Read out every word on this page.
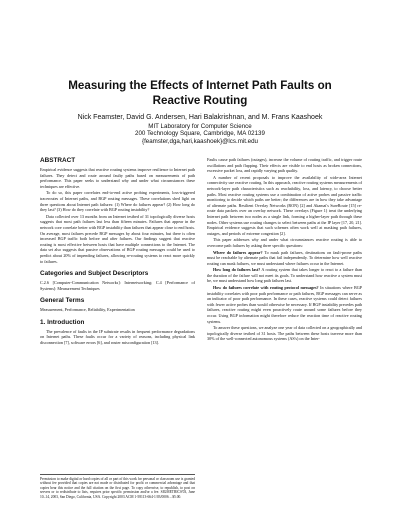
Measuring the Effects of Internet Path Faults on
Reactive Routing
Nick Feamster, David G. Andersen, Hari Balakrishnan, and M. Frans Kaashoek
MIT Laboratory for Computer Science
200 Technology Square, Cambridge, MA 02139
{feamster,dga,hari,kaashoek}@lcs.mit.edu
ABSTRACT

Empirical evidence suggests that reactive routing systems improve resilience to Internet path failures. They detect and route around faulty paths based on measurements of path performance. This paper seeks to understand why and under what circumstances these techniques are effective.

To do so, this paper correlates end-to-end active probing experiments, loss-triggered traceroutes of Internet paths, and BGP routing messages. These correlations shed light on three questions about Internet path failures: (1) Where do failures appear? (2) How long do they last? (3) How do they correlate with BGP routing instability?

Data collected over 13 months from an Internet testbed of 31 topologically diverse hosts suggests that most path failures last less than fifteen minutes. Failures that appear in the network core correlate better with BGP instability than failures that appear close to end hosts. On average, most failures precede BGP messages by about four minutes, but there is often increased BGP traffic both before and after failures. Our findings suggest that reactive routing is most effective between hosts that have multiple connections to the Internet. The data set also suggests that passive observations of BGP routing messages could be used to predict about 20% of impending failures, allowing re-routing systems to react more quickly to failures.

Categories and Subject Descriptors

C.2.6 [Computer-Communication Networks]: Internetworking; C.4 [Performance of Systems]: Measurement Techniques

General Terms

Measurement, Performance, Reliability, Experimentation

1. Introduction

The prevalence of faults in the IP substrate results in frequent performance degradations on Internet paths. These faults occur for a variety of reasons, including physical link disconnection [7], software errors [6], and router misconfiguration [13].

Permission to make digital or hard copies of all or part of this work for personal or classroom use is granted without fee provided that copies are not made or distributed for profit or commercial advantage and that copies bear this notice and the full citation on the first page. To copy otherwise, to republish, to post on servers or to redistribute to lists, requires prior specific permission and/or a fee. SIGMETRICS'03, June 10–14, 2003, San Diego, California, USA. Copyright 2003 ACM 1-58113-664-1/03/0006 ...$5.00.

Faults cause path failures (outages), increase the volume of routing traffic, and trigger route oscillations and path flapping. Their effects are visible to end hosts as broken connections, excessive packet loss, and rapidly varying path quality.

A number of recent proposals to improve the availability of wide-area Internet connectivity use reactive routing. In this approach, reactive routing systems measurements of network-layer path characteristics such as reachability, loss, and latency, to choose better paths. Most reactive routing systems use a combination of active probes and passive traffic monitoring to decide which paths are better; the differences are in how they take advantage of alternate paths. Resilient Overlay Networks (RON) [2] and Akamai's SureRoute [15] re-route data packets over an overlay network. These overlays (Figure 1) treat the underlying Internet path between two nodes as a single link, forming a higher-layer path through these nodes. Other systems use routing changes to select between paths at the IP layer [17, 20, 21]. Empirical evidence suggests that such schemes often work well at masking path failures, outages, and periods of extreme congestion [2].

This paper addresses why and under what circumstances reactive routing is able to overcome path failures by asking three specific questions:

Where do failures appear? To mask path failures, destinations on fault-prone paths must be reachable by alternate paths that fail independently. To determine how well reactive routing can mask failures, we must understand where failures occur in the Internet.

How long do failures last? A routing system that takes longer to react to a failure than the duration of the failure will not meet its goals. To understand how reactive a system must be, we must understand how long path failures last.

How do failures correlate with routing protocol messages? In situations where BGP instability correlates with poor path performance or path failures, BGP messages can serve as an indicator of poor path performance. In these cases, reactive systems could detect failures with fewer active probes than would otherwise be necessary. If BGP instability precedes path failures, reactive routing might even proactively route around some failures before they occur. Using BGP information might therefore reduce the reaction time of reactive routing systems.

To answer these questions, we analyze one year of data collected on a geographically and topologically diverse testbed of 31 hosts. The paths between these hosts traverse more than 30% of the well-connected autonomous systems (AS's) on the Inter-
